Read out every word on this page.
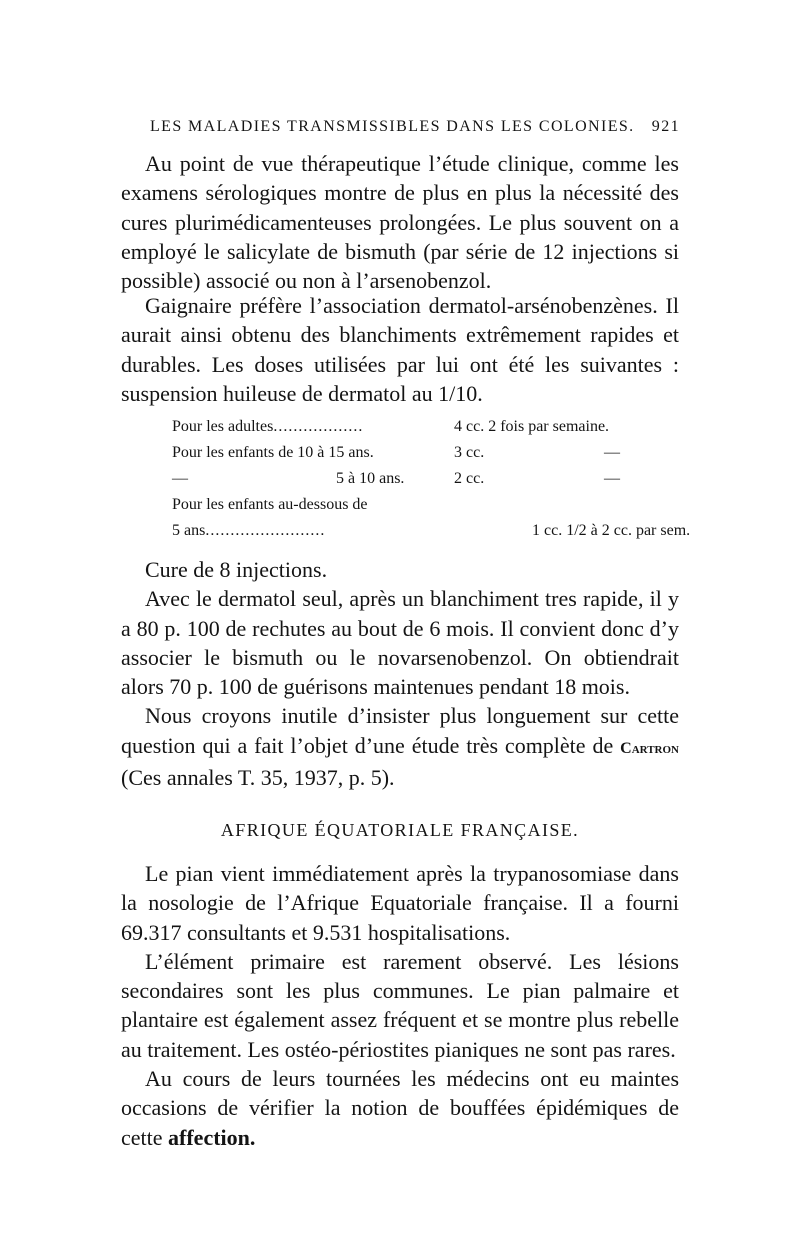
LES MALADIES TRANSMISSIBLES DANS LES COLONIES. 921

Au point de vue thérapeutique l’étude clinique, comme les examens sérologiques montre de plus en plus la nécessité des cures plurimédicamenteuses prolongées. Le plus souvent on a employé le salicylate de bismuth (par série de 12 injections si possible) associé ou non à l’arsenobenzol.

Gaignaire préfère l’association dermatol-arsénobenzènes. Il aurait ainsi obtenu des blanchiments extrêmement rapides et durables. Les doses utilisées par lui ont été les suivantes : suspension huileuse de dermatol au 1/10.

Pour les adultes..................	4 cc. 2 fois par semaine.
Pour les enfants de 10 à 15 ans.	3 cc.	—
—	5 à 10 ans.	2 cc.	—
Pour les enfants au-dessous de
5 ans........................	1 cc. 1/2 à 2 cc. par sem.

Cure de 8 injections.

Avec le dermatol seul, après un blanchiment tres rapide, il y a 80 p. 100 de rechutes au bout de 6 mois. Il convient donc d’y associer le bismuth ou le novarsenobenzol. On obtiendrait alors 70 p. 100 de guérisons maintenues pendant 18 mois.

Nous croyons inutile d’insister plus longuement sur cette question qui a fait l’objet d’une étude très complète de Cartron (Ces annales T. 35, 1937, p. 5).

AFRIQUE ÉQUATORIALE FRANÇAISE.

Le pian vient immédiatement après la trypanosomiase dans la nosologie de l’Afrique Equatoriale française. Il a fourni 69.317 consultants et 9.531 hospitalisations.

L’élément primaire est rarement observé. Les lésions secondaires sont les plus communes. Le pian palmaire et plantaire est également assez fréquent et se montre plus rebelle au traitement. Les ostéo-périostites pianiques ne sont pas rares.

Au cours de leurs tournées les médecins ont eu maintes occasions de vérifier la notion de bouffées épidémiques de cette affection.
